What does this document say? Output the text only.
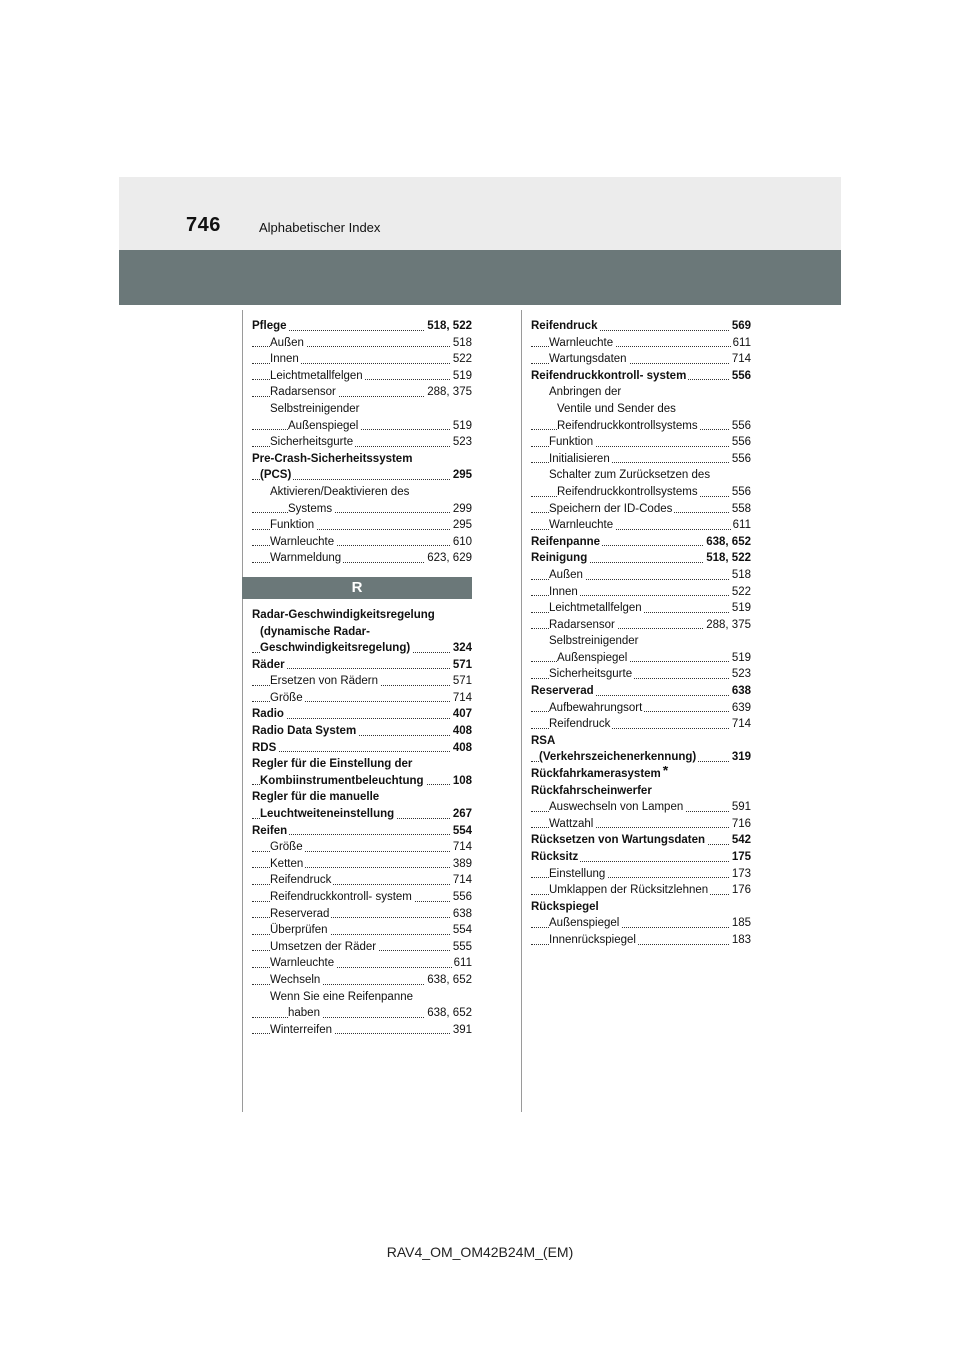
746	Alphabetischer Index
Pflege	518, 522
Außen	518
Innen	522
Leichtmetallfelgen	519
Radarsensor	288, 375
Selbstreinigender
Außenspiegel	519
Sicherheitsgurte	523
Pre-Crash-Sicherheitssystem
(PCS)	295
Aktivieren/Deaktivieren des
Systems	299
Funktion	295
Warnleuchte	610
Warnmeldung	623, 629
R
Radar-Geschwindigkeitsregelung
(dynamische Radar-
Geschwindigkeitsregelung)	324
Räder	571
Ersetzen von Rädern	571
Größe	714
Radio	407
Radio Data System	408
RDS	408
Regler für die Einstellung der
Kombiinstrumentbeleuchtung	108
Regler für die manuelle
Leuchtweiteneinstellung	267
Reifen	554
Größe	714
Ketten	389
Reifendruck	714
Reifendruckkontroll- system	556
Reserverad	638
Überprüfen	554
Umsetzen der Räder	555
Warnleuchte	611
Wechseln	638, 652
Wenn Sie eine Reifenpanne
haben	638, 652
Winterreifen	391
Reifendruck	569
Warnleuchte	611
Wartungsdaten	714
Reifendruckkontroll- system	556
Anbringen der
Ventile und Sender des
Reifendruckkontrollsystems	556
Funktion	556
Initialisieren	556
Schalter zum Zurücksetzen des
Reifendruckkontrollsystems	556
Speichern der ID-Codes	558
Warnleuchte	611
Reifenpanne	638, 652
Reinigung	518, 522
Außen	518
Innen	522
Leichtmetallfelgen	519
Radarsensor	288, 375
Selbstreinigender
Außenspiegel	519
Sicherheitsgurte	523
Reserverad	638
Aufbewahrungsort	639
Reifendruck	714
RSA
(Verkehrszeichenerkennung)	319
Rückfahrkamerasystem *
Rückfahrscheinwerfer
Auswechseln von Lampen	591
Wattzahl	716
Rücksetzen von Wartungsdaten 542
Rücksitz	175
Einstellung	173
Umklappen der Rücksitzlehnen 176
Rückspiegel
Außenspiegel	185
Innenrückspiegel	183
RAV4_OM_OM42B24M_(EM)
